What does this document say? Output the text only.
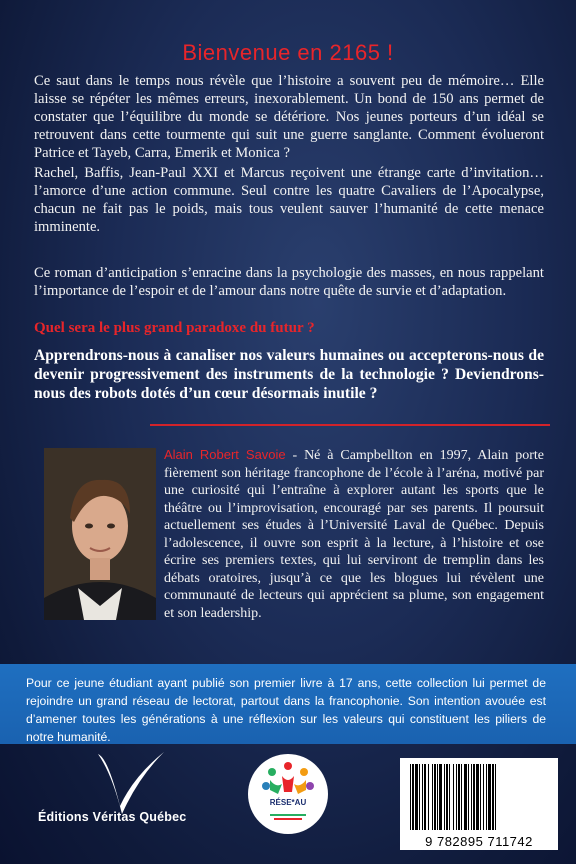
Bienvenue en 2165 !
Ce saut dans le temps nous révèle que l’histoire a souvent peu de mémoire… Elle laisse se répéter les mêmes erreurs, inexorablement. Un bond de 150 ans permet de constater que l’équilibre du monde se détériore. Nos jeunes porteurs d’un idéal se retrouvent dans cette tourmente qui suit une guerre sanglante. Comment évolueront Patrice et Tayeb, Carra, Emerik et Monica ?
Rachel, Baffis, Jean-Paul XXI et Marcus reçoivent une étrange carte d’invitation… l’amorce d’une action commune. Seul contre les quatre Cavaliers de l’Apocalypse, chacun ne fait pas le poids, mais tous veulent sauver l’humanité de cette menace imminente.
Ce roman d’anticipation s’enracine dans la psychologie des masses, en nous rappelant l’importance de l’espoir et de l’amour dans notre quête de survie et d’adaptation.
Quel sera le plus grand paradoxe du futur ?
Apprendrons-nous à canaliser nos valeurs humaines ou accepterons-nous de devenir progressivement des instruments de la technologie ? Deviendrons-nous des robots dotés d’un cœur désormais inutile ?
Alain Robert Savoie - Né à Campbellton en 1997, Alain porte fièrement son héritage francophone de l’école à l’aréna, motivé par une curiosité qui l’entraîne à explorer autant les sports que le théâtre ou l’improvisation, encouragé par ses parents. Il poursuit actuellement ses études à l’Université Laval de Québec. Depuis l’adolescence, il ouvre son esprit à la lecture, à l’histoire et ose écrire ses premiers textes, qui lui serviront de tremplin dans les débats oratoires, jusqu’à ce que les blogues lui révèlent une communauté de lecteurs qui apprécient sa plume, son engagement et son leadership.
Pour ce jeune étudiant ayant publié son premier livre à 17 ans, cette collection lui permet de rejoindre un grand réseau de lectorat, partout dans la francophonie. Son intention avouée est d’amener toutes les générations à une réflexion sur les valeurs qui constituent les piliers de notre humanité.
Éditions Véritas Québec
RÉSE*AU
9 782895 711742
